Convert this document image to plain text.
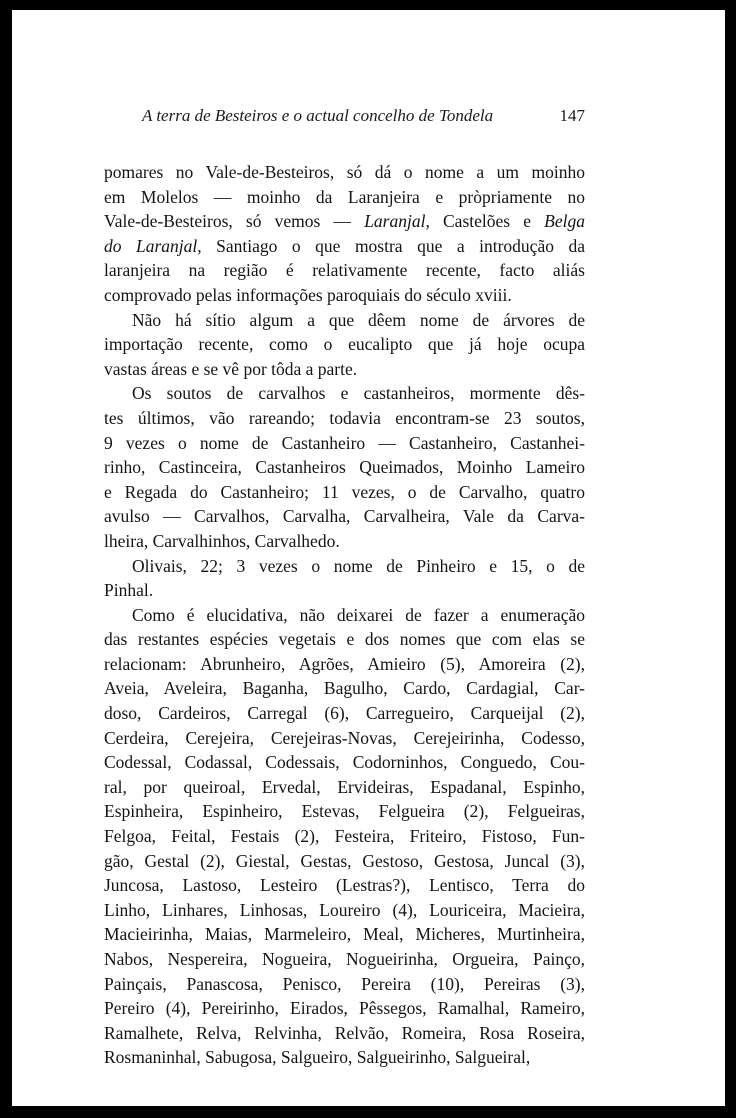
A terra de Besteiros e o actual concelho de Tondela	147

pomares no Vale-de-Besteiros, só dá o nome a um moinho
em Molelos — moinho da Laranjeira e pròpriamente no
Vale-de-Besteiros, só vemos — Laranjal, Castelões e Belga
do Laranjal, Santiago o que mostra que a introdução da
laranjeira na região é relativamente recente, facto aliás
comprovado pelas informações paroquiais do século xviii.

Não há sítio algum a que dêem nome de árvores de
importação recente, como o eucalipto que já hoje ocupa
vastas áreas e se vê por tôda a parte.

Os soutos de carvalhos e castanheiros, mormente dês-
tes últimos, vão rareando; todavia encontram-se 23 soutos,
9 vezes o nome de Castanheiro — Castanheiro, Castanhei-
rinho, Castinceira, Castanheiros Queimados, Moinho Lameiro
e Regada do Castanheiro; 11 vezes, o de Carvalho, quatro
avulso — Carvalhos, Carvalha, Carvalheira, Vale da Carva-
lheira, Carvalhinhos, Carvalhedo.

Olivais, 22; 3 vezes o nome de Pinheiro e 15, o de
Pinhal.

Como é elucidativa, não deixarei de fazer a enumeração
das restantes espécies vegetais e dos nomes que com elas se
relacionam: Abrunheiro, Agrões, Amieiro (5), Amoreira (2),
Aveia, Aveleira, Baganha, Bagulho, Cardo, Cardagial, Car-
doso, Cardeiros, Carregal (6), Carregueiro, Carqueijal (2),
Cerdeira, Cerejeira, Cerejeiras-Novas, Cerejeirinha, Codesso,
Codessal, Codassal, Codessais, Codorninhos, Conguedo, Cou-
ral, por queiroal, Ervedal, Ervideiras, Espadanal, Espinho,
Espinheira, Espinheiro, Estevas, Felgueira (2), Felgueiras,
Felgoa, Feital, Festais (2), Festeira, Friteiro, Fistoso, Fun-
gão, Gestal (2), Giestal, Gestas, Gestoso, Gestosa, Juncal (3),
Juncosa, Lastoso, Lesteiro (Lestras?), Lentisco, Terra do
Linho, Linhares, Linhosas, Loureiro (4), Louriceira, Macieira,
Macieirinha, Maias, Marmeleiro, Meal, Micheres, Murtinheira,
Nabos, Nespereira, Nogueira, Nogueirinha, Orgueira, Painço,
Painçais, Panascosa, Penisco, Pereira (10), Pereiras (3),
Pereiro (4), Pereirinho, Eirados, Pêssegos, Ramalhal, Rameiro,
Ramalhete, Relva, Relvinha, Relvão, Romeira, Rosa Roseira,
Rosmaninhal, Sabugosa, Salgueiro, Salgueirinho, Salgueiral,
